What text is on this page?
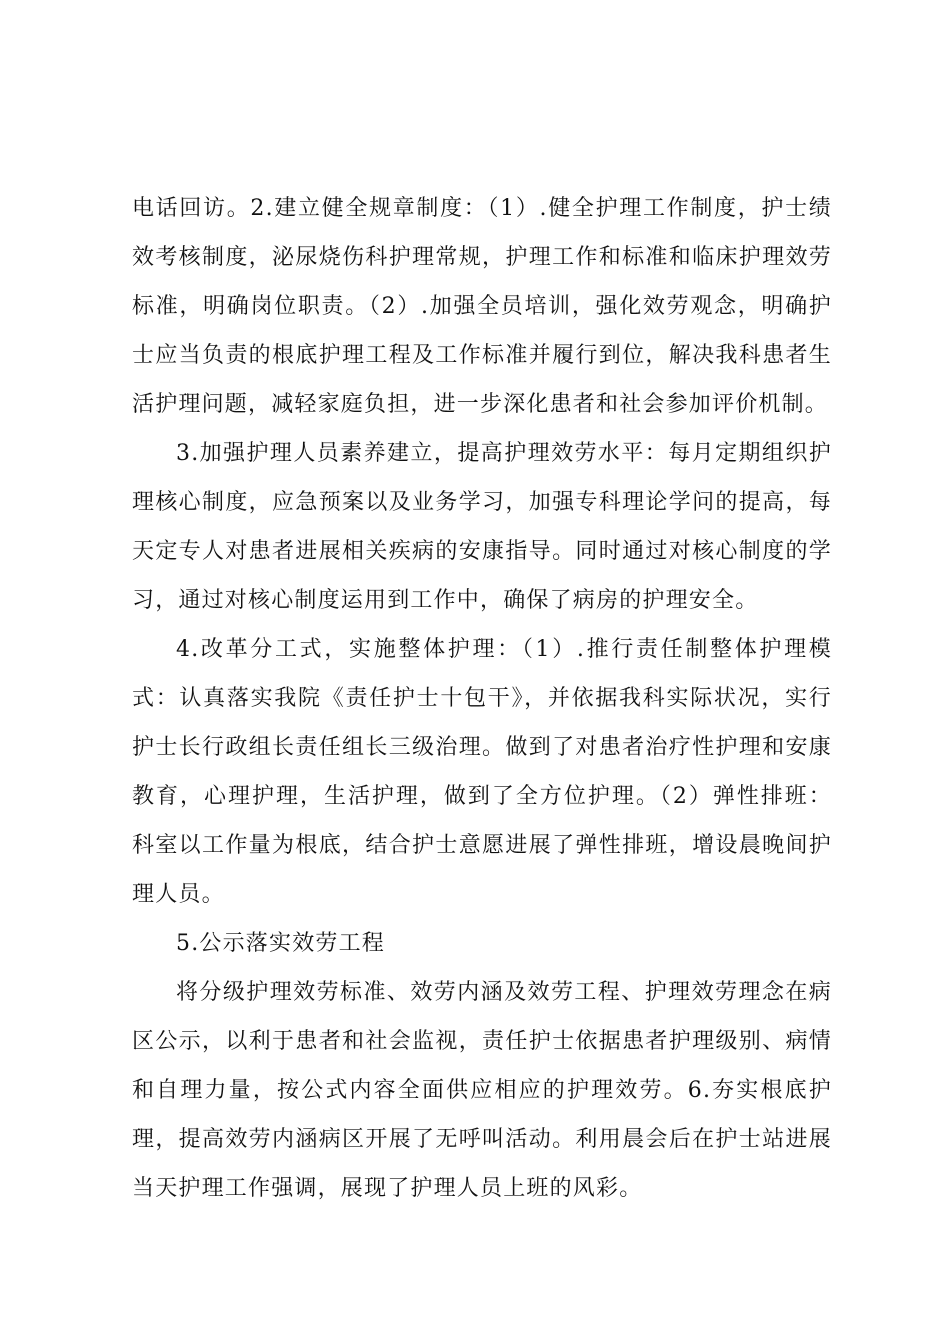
电话回访。2.建立健全规章制度：（1）.健全护理工作制度，护士绩效考核制度，泌尿烧伤科护理常规，护理工作和标准和临床护理效劳标准，明确岗位职责。（2）.加强全员培训，强化效劳观念，明确护士应当负责的根底护理工程及工作标准并履行到位，解决我科患者生活护理问题，减轻家庭负担，进一步深化患者和社会参加评价机制。

3.加强护理人员素养建立，提高护理效劳水平：每月定期组织护理核心制度，应急预案以及业务学习，加强专科理论学问的提高，每天定专人对患者进展相关疾病的安康指导。同时通过对核心制度的学习，通过对核心制度运用到工作中，确保了病房的护理安全。

4.改革分工式，实施整体护理：（1）.推行责任制整体护理模式：认真落实我院《责任护士十包干》，并依据我科实际状况，实行护士长行政组长责任组长三级治理。做到了对患者治疗性护理和安康教育，心理护理，生活护理，做到了全方位护理。（2）弹性排班：科室以工作量为根底，结合护士意愿进展了弹性排班，增设晨晚间护理人员。

5.公示落实效劳工程

将分级护理效劳标准、效劳内涵及效劳工程、护理效劳理念在病区公示，以利于患者和社会监视，责任护士依据患者护理级别、病情和自理力量，按公式内容全面供应相应的护理效劳。6.夯实根底护理，提高效劳内涵病区开展了无呼叫活动。利用晨会后在护士站进展当天护理工作强调，展现了护理人员上班的风彩。
